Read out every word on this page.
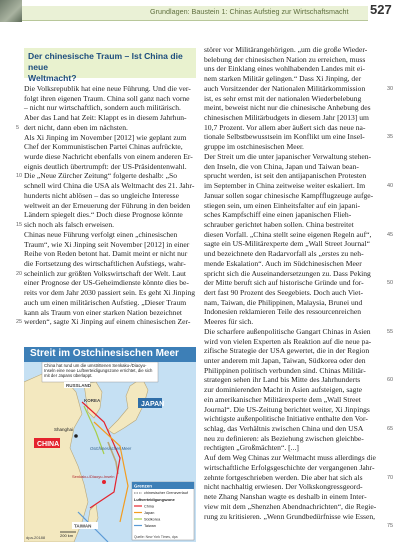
Grundlagen: Baustein 1: Chinas Aufstieg zur Wirtschaftsmacht	527
Der chinesische Traum – Ist China die neue
Weltmacht?

Die Volksrepublik hat eine neue Führung. Und die ver-

folgt ihren eigenen Traum. China soll ganz nach vorne

– nicht nur wirtschaftlich, sondern auch militärisch.

Aber das Land hat Zeit: Klappt es in diesem Jahrhun-

dert nicht, dann eben im nächsten.

Als Xi Jinping im November [2012] wie geplant zum

Chef der Kommunistischen Partei Chinas aufrückte,

wurde diese Nachricht ebenfalls von einem anderen Er-

eignis deutlich übertrumpft: der US-Präsidentenwahl.

Die „Neue Zürcher Zeitung“ folgerte deshalb: „So

schnell wird China die USA als Weltmacht des 21. Jahr-

hunderts nicht ablösen – das so ungleiche Interesse

weltweit an der Erneuerung der Führung in den beiden

Ländern spiegelt dies.“ Doch diese Prognose könnte

sich noch als falsch erweisen.

Chinas neue Führung verfolgt einen „chinesischen

Traum“, wie Xi Jinping seit November [2012] in einer

Reihe von Reden betont hat. Damit meint er nicht nur

die Fortsetzung des wirtschaftlichen Aufstiegs, wahr-

scheinlich zur größten Volkswirtschaft der Welt. Laut

einer Prognose der US-Geheimdienste könnte dies be-

reits vor dem Jahr 2030 passiert sein. Es geht Xi Jinping

auch um einen militärischen Aufstieg. „Dieser Traum

kann als Traum von einer starken Nation bezeichnet

werden“, sagte Xi Jinping auf einem chinesischen Zer-

störer vor Militärangehörigen. „um die große Wieder-

belebung der chinesischen Nation zu erreichen, muss

uns der Einklang eines wohlhabenden Landes mit ei-

nem starken Militär gelingen.“ Dass Xi Jinping, der

auch Vorsitzender der Nationalen Militärkommission

ist, es sehr ernst mit der nationalen Wiederbelebung

meint, beweist nicht nur die chinesische Anhebung des

chinesischen Militärbudgets in diesem Jahr [2013] um

10,7 Prozent. Vor allem aber äußert sich das neue na-

tionale Selbstbewusstsein im Konflikt um eine Insel-

gruppe im ostchinesischen Meer.

Der Streit um die unter japanischer Verwaltung stehen-

den Inseln, die von China, Japan und Taiwan bean-

sprucht werden, ist seit den antijapanischen Protesten

im September in China zeitweise weiter eskaliert. Im

Januar sollen sogar chinesische Kampfflugzeuge aufge-

stiegen sein, um einen Einheitsfalter auf ein japani-

sches Kampfschiff eine einen japanischen Flieh-

schrauber gerichtet haben sollen. China bestreitet

diesen Vorfall. „China stellt seine eigenen Regeln auf“,

sagte ein US-Militärexperte dem „Wall Street Journal“

und bezeichnete den Radarvorfall als „erstes zu neh-

mende Eskalation“. Auch im Südchinesischen Meer

spricht sich die Auseinandersetzungen zu. Dass Peking

der Mitte beruft sich auf historische Gründe und for-

dert fast 90 Prozent des Seegebiets. Doch auch Viet-

nam, Taiwan, die Philippinen, Malaysia, Brunei und

Indonesien reklamieren Teile des ressourcenreichen

Meeres für sich.

Die scharfere außenpolitische Gangart Chinas in Asien

wird von vielen Experten als Reaktion auf die neue pa-

zifische Strategie der USA gewertet, die in der Region

unter anderem mit Japan, Taiwan, Südkorea oder den

Philippinen politisch verbunden sind. Chinas Militär-

strategen sehen ihr Land bis Mitte des Jahrhunderts

zur dominierenden Macht in Asien aufsteigen, sagte

ein amerikanischer Militärexperte dem „Wall Street

Journal“. Die US-Zeitung berichtet weiter, Xi Jinpings

wichtigste außenpolitische Initiative enthalte den Vor-

schlag, das Verhältnis zwischen China und den USA

neu zu definieren: als Beziehung zwischen gleichbe-

rechtigten „Großmächten“. [...]

Auf dem Weg Chinas zur Weltmacht muss allerdings die

wirtschaftliche Erfolgsgeschichte der vergangenen Jahr-

zehnte fortgeschrieben werden. Die aber hat sich als

nicht nachhaltig erwiesen. Der Volkskongressgeord-

nete Zhang Nanshan wagte es deshalb in einem Inter-

view mit dem „Shenzhen Abendnachrichten“, die Regie-

rung zu kritisieren. „Wenn Grundbedürfnisse wie Essen,

5
10
15
20
25
30
35
40
45
50
55
60
65
70
75
Streit im Ostchinesischen Meer
China hat rund um die umstrittenen Senkaku-/Diaoyu-Inseln eine neue Luftverteidigungszone errichtet, die sich mit der Japans überlappt.
RUSSLAND
KOREA
JAPAN
CHINA
Shanghai
Ostchinesisches Meer
Senkaku-/Diaoyu-Inseln
TAIWAN
200 km
dpa-20188
Grenzen
chinesischer Grenzverlauf
Luftverteidigungszone
China
Japan
Südkorea
Taiwan
Quelle: New York Times, dpa
